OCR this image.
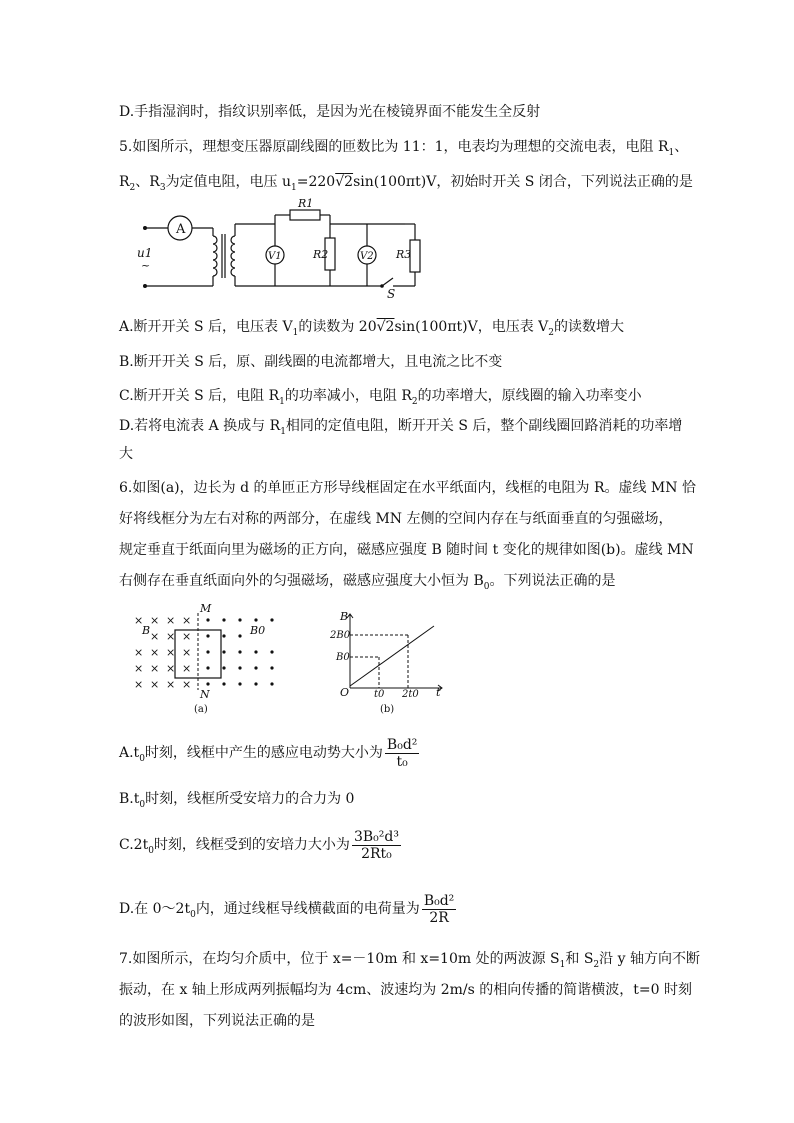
D.手指湿润时，指纹识别率低，是因为光在棱镜界面不能发生全反射
5.如图所示，理想变压器原副线圈的匝数比为 11：1，电表均为理想的交流电表，电阻 $R_1$、
$R_2$、$R_3$为定值电阻，电压 $u_1=220√2\sin(100\pi t)V$，初始时开关 S 闭合，下列说法正确的是
A
u1
~
R1
V1	R2	V2 R3
S
A.断开开关 S 后，电压表 $V_1$的读数为 20√2sin(100πt)V，电压表 $V_2$的读数增大
B.断开开关 S 后，原、副线圈的电流都增大，且电流之比不变
C.断开开关 S 后，电阻 $R_1$的功率减小，电阻 $R_2$的功率增大，原线圈的输入功率变小
D.若将电流表 A 换成与 $R_1$相同的定值电阻，断开开关 S 后，整个副线圈回路消耗的功率增
大
6.如图(a)，边长为 d 的单匝正方形导线框固定在水平纸面内，线框的电阻为 R。虚线 MN 恰
好将线框分为左右对称的两部分，在虚线 MN 左侧的空间内存在与纸面垂直的匀强磁场，
规定垂直于纸面向里为磁场的正方向，磁感应强度 B 随时间 t 变化的规律如图(b)。虚线 MN
右侧存在垂直纸面向外的匀强磁场，磁感应强度大小恒为 $B_0$。下列说法正确的是
× × × ×
× × ×
× × × ×
× × × ×
× × × ×
M
N
B	B0
(a)
B
2B0
B0
O t0 2t0 t
(b)
$A.t_0$时刻，线框中产生的感应电动势大小为 $\frac{\text{B₀d²}}{\text{t₀}}$
$B.t_0$时刻，线框所受安培力的合力为 0
$C.2t_0$时刻，线框受到的安培力大小为 $\frac{\text{3B₀²d³}}{\text{2Rt₀}}$
D.在 $0\sim 2t_0$内，通过线框导线横截面的电荷量为 $\frac{\text{B₀d²}}{2R}$
7.如图所示，在均匀介质中，位于 x=－10m 和 x=10m 处的两波源 $S_1$和 $S_2$沿 y 轴方向不断
振动，在 x 轴上形成两列振幅均为 4cm、波速均为 2m/s 的相向传播的简谐横波，t=0 时刻
的波形如图，下列说法正确的是
